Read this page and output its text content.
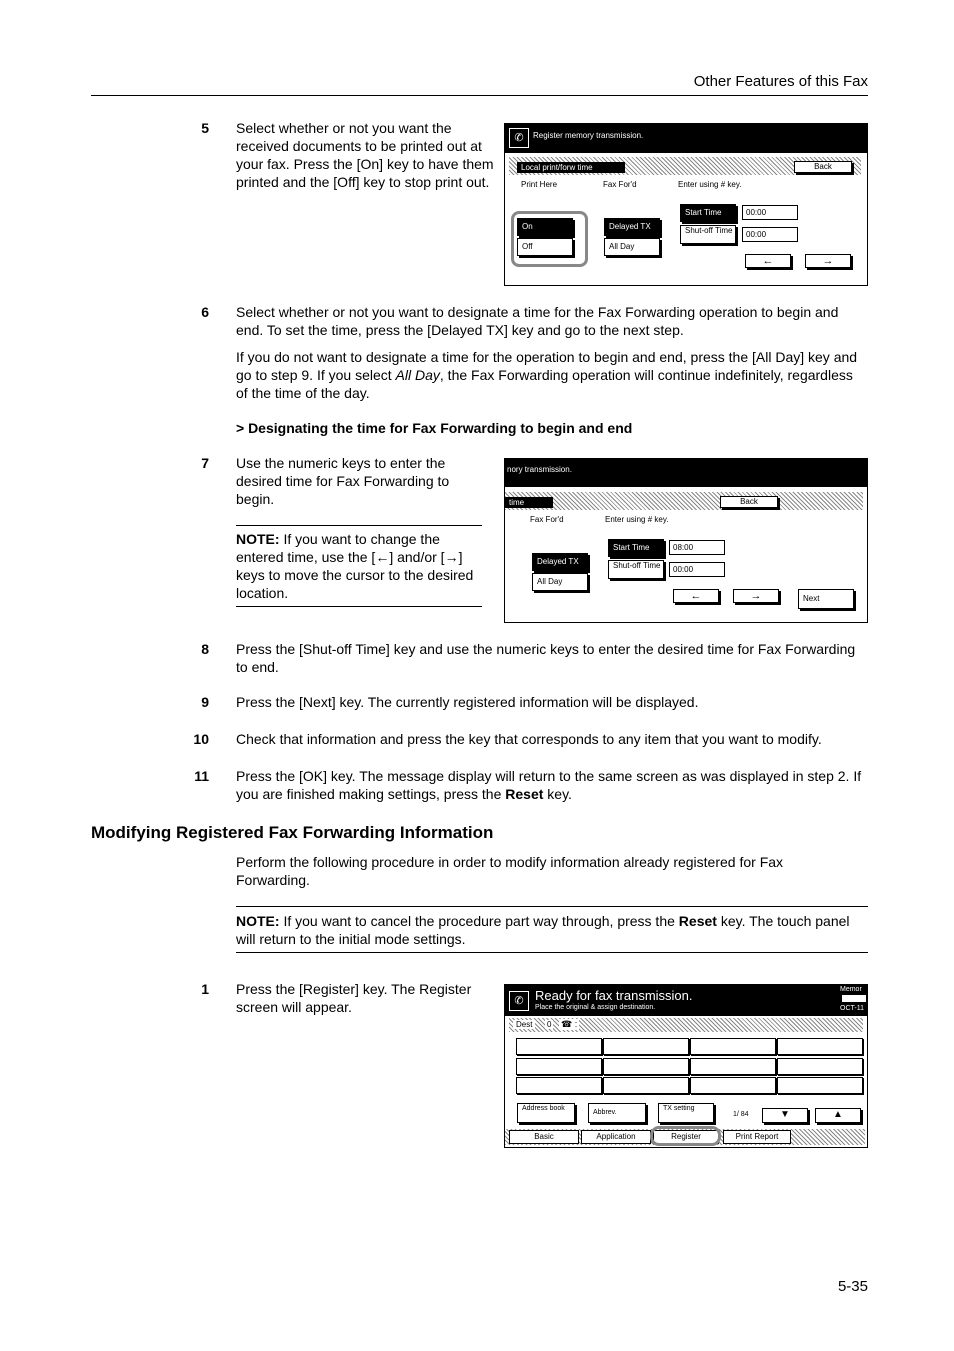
Other Features of this Fax
5 Select whether or not you want the received documents to be printed out at your fax. Press the [On] key to have them printed and the [Off] key to stop print out.
✆	Register memory transmission.
Local print/forw time	Back
Print Here	Fax For'd	Enter using # key.
On
Off
Delayed TX
All Day
Start Time
Shut-off Time
00:00
00:00
←	→
6 Select whether or not you want to designate a time for the Fax Forwarding operation to begin and end. To set the time, press the [Delayed TX] key and go to the next step.
If you do not want to designate a time for the operation to begin and end, press the [All Day] key and go to step 9. If you select All Day, the Fax Forwarding operation will continue indefinitely, regardless of the time of the day.
> Designating the time for Fax Forwarding to begin and end
7 Use the numeric keys to enter the desired time for Fax Forwarding to begin.
NOTE: If you want to change the entered time, use the [←] and/or [→] keys to move the cursor to the desired location.
nory transmission.
time	Back
Fax For'd	Enter using # key.
Delayed TX
All Day
Start Time
Shut-off Time
08:00
00:00
←	→	Next
8 Press the [Shut-off Time] key and use the numeric keys to enter the desired time for Fax Forwarding to end.
9 Press the [Next] key. The currently registered information will be displayed.
10 Check that information and press the key that corresponds to any item that you want to modify.
11 Press the [OK] key. The message display will return to the same screen as was displayed in step 2. If you are finished making settings, press the Reset key.
Modifying Registered Fax Forwarding Information
Perform the following procedure in order to modify information already registered for Fax Forwarding.
NOTE: If you want to cancel the procedure part way through, press the Reset key. The touch panel will return to the initial mode settings.
1 Press the [Register] key. The Register screen will appear.	✆ Ready for fax transmission.
Place the original & assign destination.
Memor
OCT-11
Dest	0 ☎ :
Address book
Abbrev.
TX setting
1/ 84	▼	▲
Basic	Application	Register	Print Report
5-35
